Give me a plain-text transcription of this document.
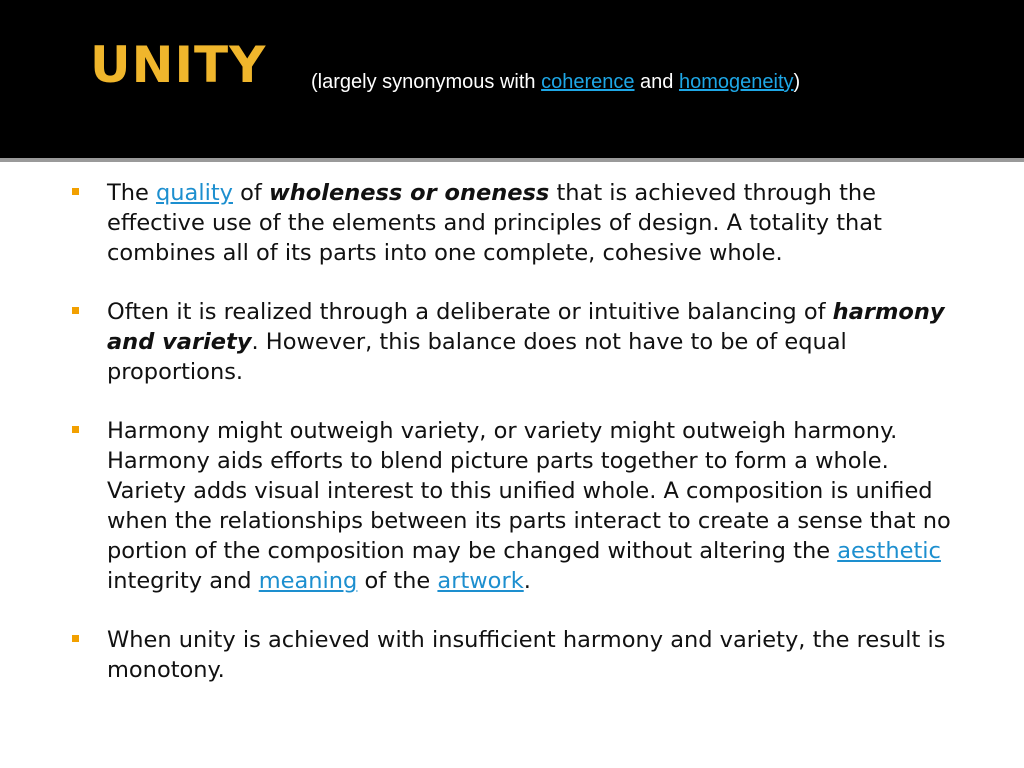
UNITY (largely synonymous with coherence and homogeneity)
The quality of wholeness or oneness that is achieved through the effective use of the elements and principles of design. A totality that combines all of its parts into one complete, cohesive whole.
Often it is realized through a deliberate or intuitive balancing of harmony and variety. However, this balance does not have to be of equal proportions.
Harmony might outweigh variety, or variety might outweigh harmony. Harmony aids efforts to blend picture parts together to form a whole. Variety adds visual interest to this unified whole. A composition is unified when the relationships between its parts interact to create a sense that no portion of the composition may be changed without altering the aesthetic integrity and meaning of the artwork.
When unity is achieved with insufficient harmony and variety, the result is monotony.
